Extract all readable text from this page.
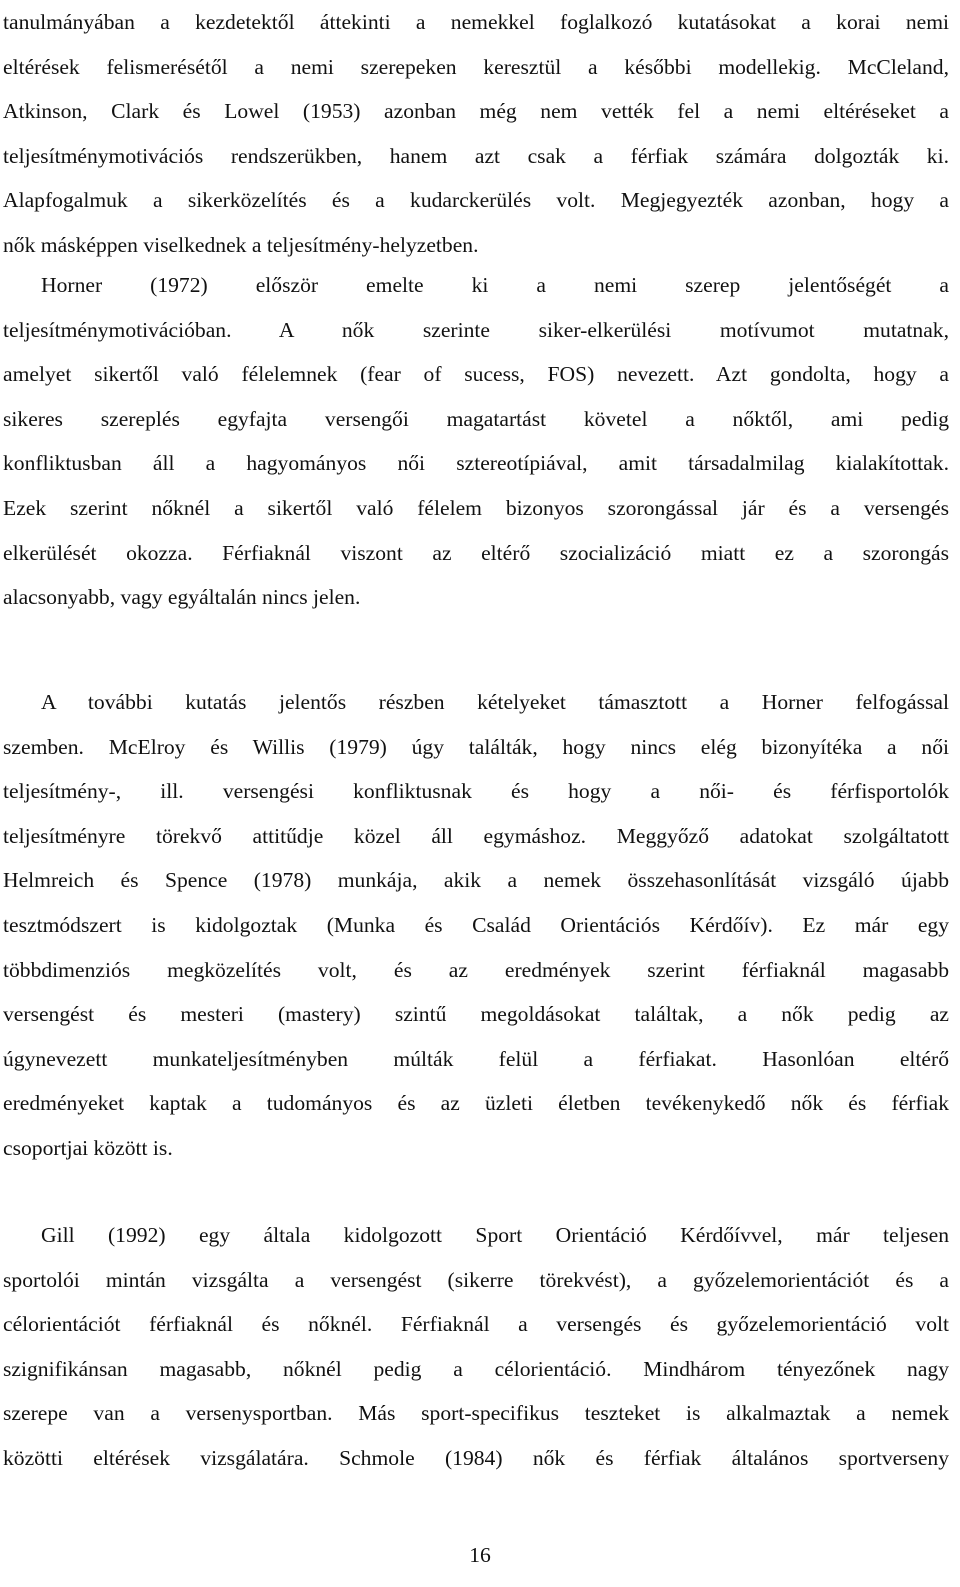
tanulmányában a kezdetektől áttekinti a nemekkel foglalkozó kutatásokat a korai nemi
eltérések felismerésétől a nemi szerepeken keresztül a későbbi modellekig. McCleland,
Atkinson, Clark és Lowel (1953) azonban még nem vették fel a nemi eltéréseket a
teljesítménymotivációs rendszerükben, hanem azt csak a férfiak számára dolgozták ki.
Alapfogalmuk a sikerközelítés és a kudarckerülés volt. Megjegyezték azonban, hogy a
nők másképpen viselkednek a teljesítmény-helyzetben.
Horner (1972) először emelte ki a nemi szerep jelentőségét a
teljesítménymotivációban. A nők szerinte siker-elkerülési motívumot mutatnak,
amelyet sikertől való félelemnek (fear of sucess, FOS) nevezett. Azt gondolta, hogy a
sikeres szereplés egyfajta versengői magatartást követel a nőktől, ami pedig
konfliktusban áll a hagyományos női sztereotípiával, amit társadalmilag kialakítottak.
Ezek szerint nőknél a sikertől való félelem bizonyos szorongással jár és a versengés
elkerülését okozza. Férfiaknál viszont az eltérő szocializáció miatt ez a szorongás
alacsonyabb, vagy egyáltalán nincs jelen.
A további kutatás jelentős részben kételyeket támasztott a Horner felfogással
szemben. McElroy és Willis (1979) úgy találták, hogy nincs elég bizonyítéka a női
teljesítmény-, ill. versengési konfliktusnak és hogy a női- és férfisportolók
teljesítményre törekvő attitűdje közel áll egymáshoz. Meggyőző adatokat szolgáltatott
Helmreich és Spence (1978) munkája, akik a nemek összehasonlítását vizsgáló újabb
tesztmódszert is kidolgoztak (Munka és Család Orientációs Kérdőív). Ez már egy
többdimenziós megközelítés volt, és az eredmények szerint férfiaknál magasabb
versengést és mesteri (mastery) szintű megoldásokat találtak, a nők pedig az
úgynevezett munkateljesítményben múlták felül a férfiakat. Hasonlóan eltérő
eredményeket kaptak a tudományos és az üzleti életben tevékenykedő nők és férfiak
csoportjai között is.
Gill (1992) egy általa kidolgozott Sport Orientáció Kérdőívvel, már teljesen
sportolói mintán vizsgálta a versengést (sikerre törekvést), a győzelemorientációt és a
célorientációt férfiaknál és nőknél. Férfiaknál a versengés és győzelemorientáció volt
szignifikánsan magasabb, nőknél pedig a célorientáció. Mindhárom tényezőnek nagy
szerepe van a versenysportban. Más sport-specifikus teszteket is alkalmaztak a nemek
közötti eltérések vizsgálatára. Schmole (1984) nők és férfiak általános sportverseny
16
